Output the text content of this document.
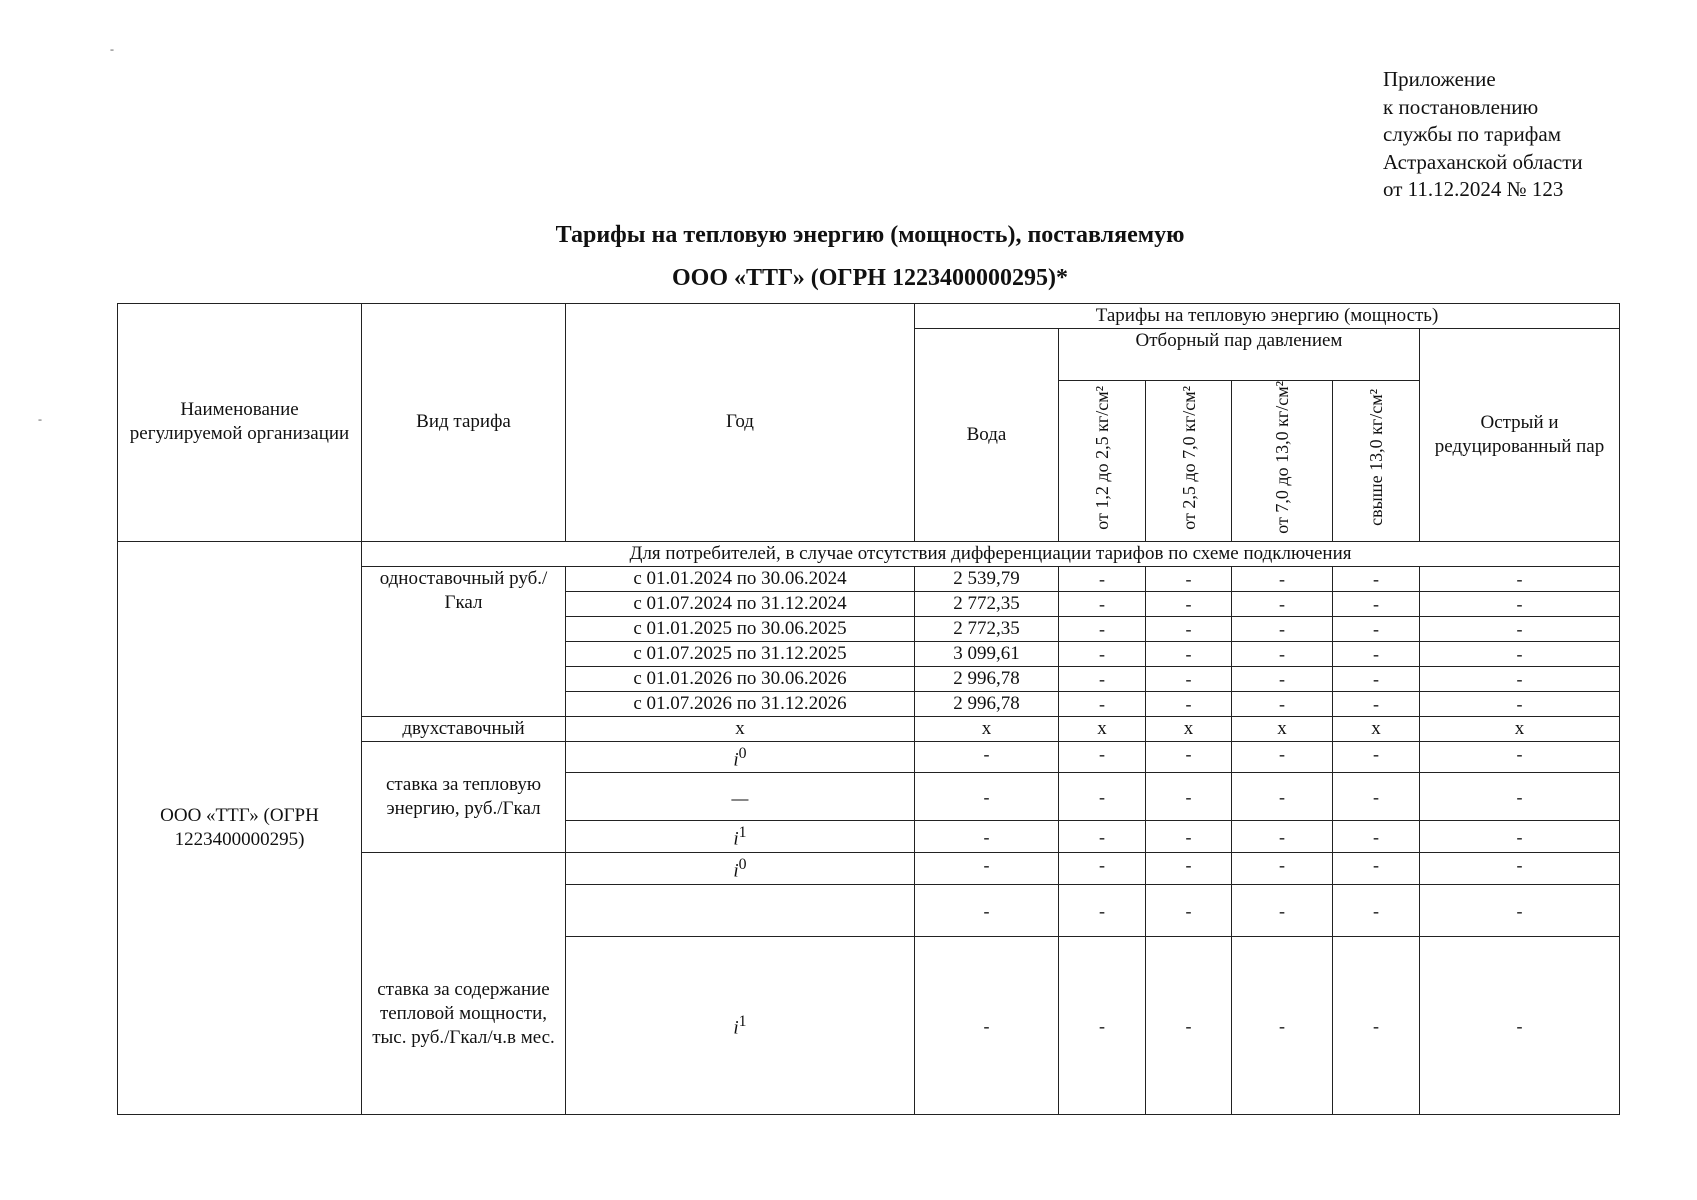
-
-
Приложение
к постановлению
службы по тарифам
Астраханской области
от 11.12.2024 № 123
Тарифы на тепловую энергию (мощность), поставляемую
ООО «ТТГ» (ОГРН 1223400000295)*
Наименование регулируемой организации	Вид тарифа	Год	Тарифы на тепловую энергию (мощность)					
			Вода	Отборный пар давлением				Острый и редуцированный пар
				от 1,2 до 2,5 кг/см²	от 2,5 до 7,0 кг/см²	от 7,0 до 13,0 кг/см²	свыше 13,0 кг/см²	
ООО «ТТГ» (ОГРН 1223400000295)	Для потребителей, в случае отсутствия дифференциации тарифов по схеме подключения							
	одноставочный руб./Гкал	с 01.01.2024 по 30.06.2024	2 539,79	-	-	-	-	-
		с 01.07.2024 по 31.12.2024	2 772,35	-	-	-	-	-
		с 01.01.2025 по 30.06.2025	2 772,35	-	-	-	-	-
		с 01.07.2025 по 31.12.2025	3 099,61	-	-	-	-	-
		с 01.01.2026 по 30.06.2026	2 996,78	-	-	-	-	-
		с 01.07.2026 по 31.12.2026	2 996,78	-	-	-	-	-
	двухставочный	x	x	x	x	x	x	x
	ставка за тепловую энергию, руб./Гкал	$i^0$	-	-	-	-	-	-
		—	-	-	-	-	-	-
		$i^1$	-	-	-	-	-	-
	ставка за содержание тепловой мощности, тыс. руб./Гкал/ч.в мес.	$i^0$	-	-	-	-	-	-
			-	-	-	-	-	-
		$i^1$	-	-	-	-	-	-
